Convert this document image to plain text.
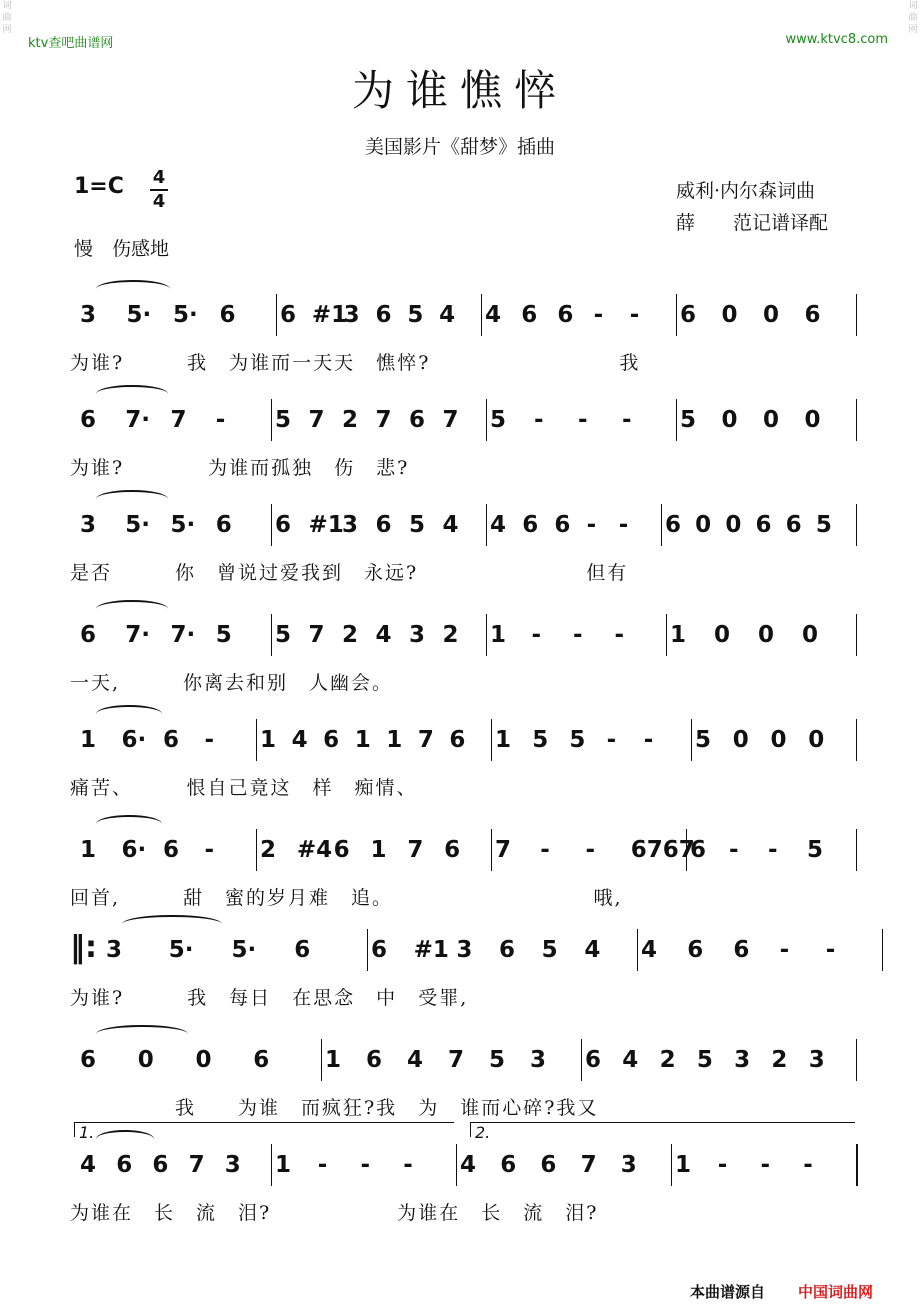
词曲网
词曲网
ktv查吧曲谱网	www.ktvc8.com
为谁憔悴
美国影片《甜梦》插曲
1=C 4
4	威利·内尔森词曲
薛　　范记谱译配
慢　伤感地
3 5· 5· 6 6 #1
3 6 5 4 4 6 6 - - 6 0 0 6
为谁?　　　我　为谁而一天天　憔悴?　　　　　　　　　我
6 7· 7 - 5 7 2 7 6 7 5 - - - 5 0 0 0
为谁?　　　　为谁而孤独　伤　悲?
3 5· 5· 6 6 #1
3 6 5 4 4 6 6 - - 6 0 0 6 6 5
是否　　　你　曾说过爱我到　永远?　　　　　　　　但有
6 7· 7· 5 5 7 2 4 3 2 1 - - - 1 0 0 0
一天,　　　你离去和别　人幽会。
1 6· 6 - 1 4 6 1 1 7 6 1 5 5 - - 5 0 0 0
痛苦、　　　恨自己竟这　样　痴情、
1 6· 6 - 2 #4 6 1 7 6 7 - - 6767
6 - - 5
回首,　　　甜　蜜的岁月难　追。　　　　　　　　　　哦,
‖: 3 5· 5· 6	6 #1 3 6 5 4 4 6 6 - -
为谁?　　　我　每日　在思念　中　受罪,
6 0 0 6 1 6 4 7 5 3 6 4 2 5 3 2 3
　　　　　我　　为谁　而疯狂?我　为　谁而心碎?我又
4 6 6 7 3 1 - - - 4 6 6 7 3 1 - - -
1.	2.
为谁在　长　流　泪?　　　　　　为谁在　长　流　泪?
本曲谱源自 中国词曲网
